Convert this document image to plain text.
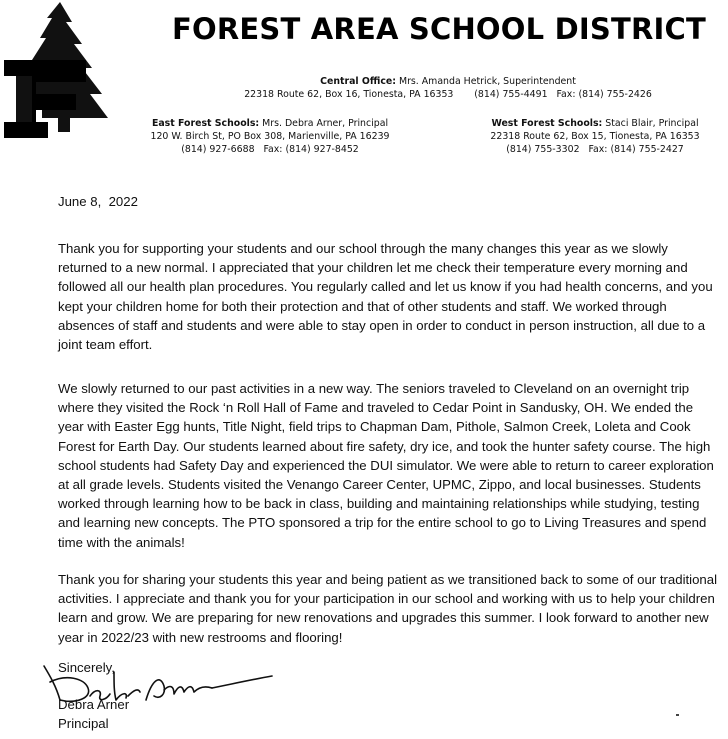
FOREST AREA SCHOOL DISTRICT
Central Office: Mrs. Amanda Hetrick, Superintendent
22318 Route 62, Box 16, Tionesta, PA 16353       (814) 755-4491   Fax: (814) 755-2426
East Forest Schools: Mrs. Debra Arner, Principal
120 W. Birch St, PO Box 308, Marienville, PA 16239
(814) 927-6688   Fax: (814) 927-8452
West Forest Schools: Staci Blair, Principal
22318 Route 62, Box 15, Tionesta, PA 16353
(814) 755-3302   Fax: (814) 755-2427
June 8,  2022

Thank you for supporting your students and our school through the many changes this year as we slowly returned to a new normal. I appreciated that your children let me check their temperature every morning and followed all our health plan procedures. You regularly called and let us know if you had health concerns, and you kept your children home for both their protection and that of other students and staff. We worked through absences of staff and students and were able to stay open in order to conduct in person instruction, all due to a joint team effort.

We slowly returned to our past activities in a new way. The seniors traveled to Cleveland on an overnight trip where they visited the Rock ‘n Roll Hall of Fame and traveled to Cedar Point in Sandusky, OH. We ended the year with Easter Egg hunts, Title Night, field trips to Chapman Dam, Pithole, Salmon Creek, Loleta and Cook Forest for Earth Day. Our students learned about fire safety, dry ice, and took the hunter safety course. The high school students had Safety Day and experienced the DUI simulator. We were able to return to career exploration at all grade levels. Students visited the Venango Career Center, UPMC, Zippo, and local businesses. Students worked through learning how to be back in class, building and maintaining relationships while studying, testing and learning new concepts. The PTO sponsored a trip for the entire school to go to Living Treasures and spend time with the animals!

Thank you for sharing your students this year and being patient as we transitioned back to some of our traditional activities. I appreciate and thank you for your participation in our school and working with us to help your children learn and grow. We are preparing for new renovations and upgrades this summer. I look forward to another new year in 2022/23 with new restrooms and flooring!

Sincerely,
Debra Arner
Principal
